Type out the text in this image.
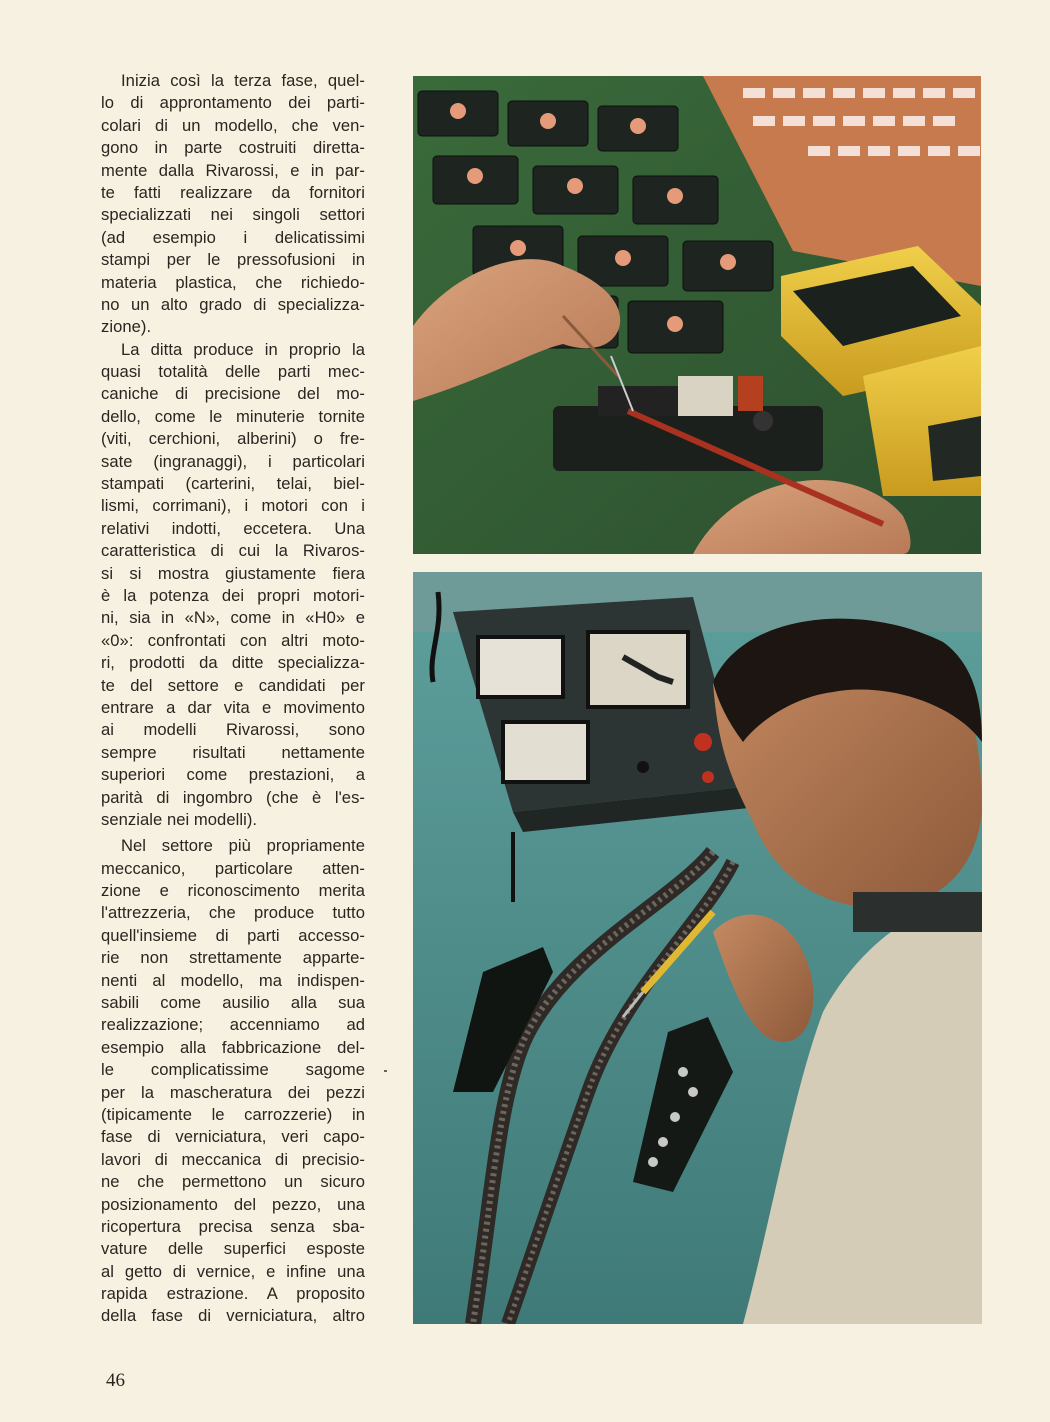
Inizia così la terza fase, quel-
lo di approntamento dei parti-
colari di un modello, che ven-
gono in parte costruiti diretta-
mente dalla Rivarossi, e in par-
te fatti realizzare da fornitori
specializzati nei singoli settori
(ad esempio i delicatissimi
stampi per le pressofusioni in
materia plastica, che richiedo-
no un alto grado di specializza-
zione).
La ditta produce in proprio la
quasi totalità delle parti mec-
caniche di precisione del mo-
dello, come le minuterie tornite
(viti, cerchioni, alberini) o fre-
sate (ingranaggi), i particolari
stampati (carterini, telai, biel-
lismi, corrimani), i motori con i
relativi indotti, eccetera. Una
caratteristica di cui la Rivaros-
si si mostra giustamente fiera
è la potenza dei propri motori-
ni, sia in «N», come in «H0» e
«0»: confrontati con altri moto-
ri, prodotti da ditte specializza-
te del settore e candidati per
entrare a dar vita e movimento
ai modelli Rivarossi, sono
sempre risultati nettamente
superiori come prestazioni, a
parità di ingombro (che è l'es-
senziale nei modelli).
Nel settore più propriamente
meccanico, particolare atten-
zione e riconoscimento merita
l'attrezzeria, che produce tutto
quell'insieme di parti accesso-
rie non strettamente apparte-
nenti al modello, ma indispen-
sabili come ausilio alla sua
realizzazione; accenniamo ad
esempio alla fabbricazione del-
le complicatissime sagome
per la mascheratura dei pezzi
(tipicamente le carrozzerie) in
fase di verniciatura, veri capo-
lavori di meccanica di precisio-
ne che permettono un sicuro
posizionamento del pezzo, una
ricopertura precisa senza sba-
vature delle superfici esposte
al getto di vernice, e infine una
rapida estrazione. A proposito
della fase di verniciatura, altro
46
